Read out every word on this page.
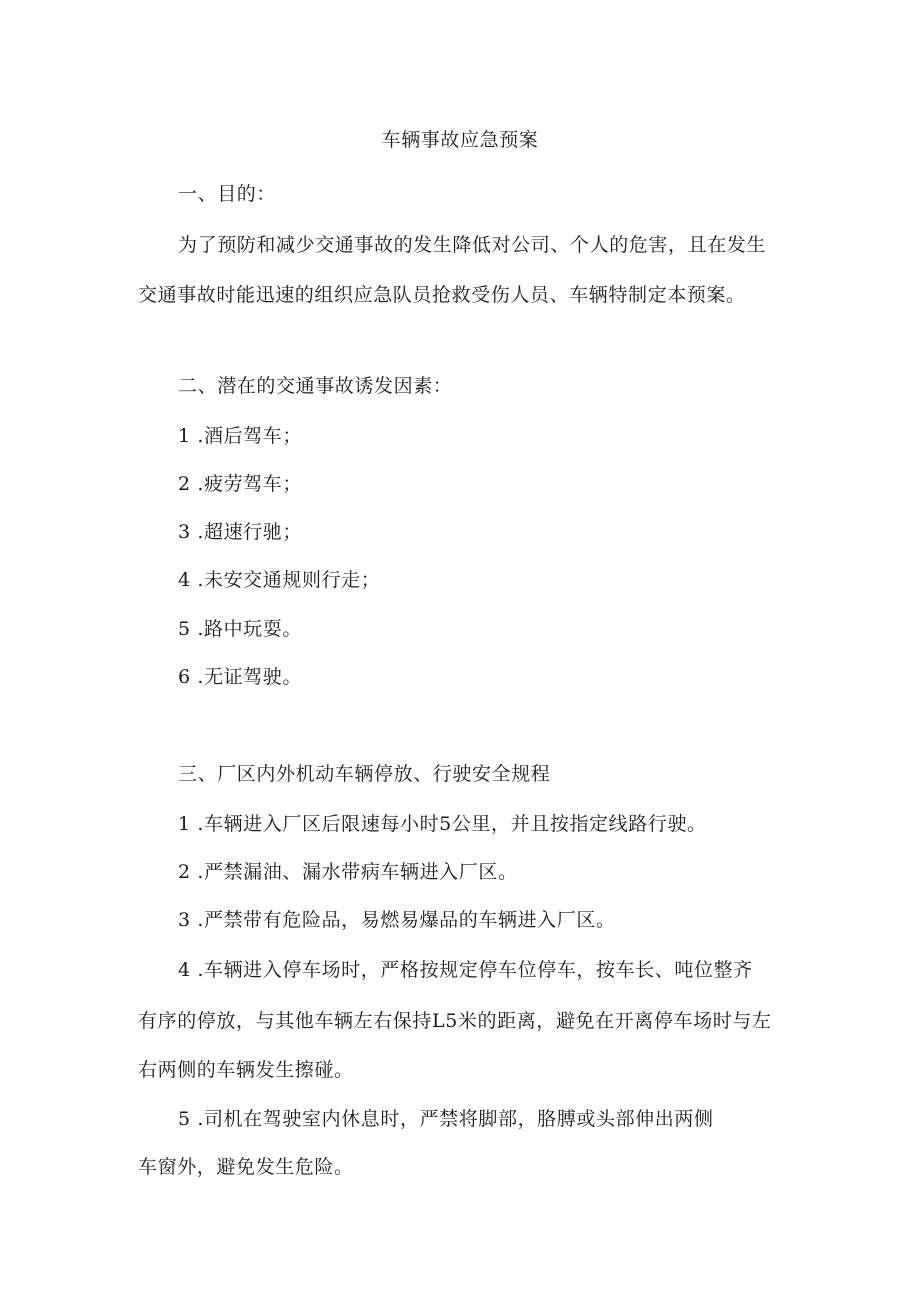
车辆事故应急预案
一、目的：
为了预防和减少交通事故的发生降低对公司、个人的危害，且在发生
交通事故时能迅速的组织应急队员抢救受伤人员、车辆特制定本预案。
二、潜在的交通事故诱发因素：
1 .酒后驾车；
2 .疲劳驾车；
3 .超速行驰；
4 .未安交通规则行走；
5 .路中玩耍。
6 .无证驾驶。
三、厂区内外机动车辆停放、行驶安全规程
1 .车辆进入厂区后限速每小时5公里，并且按指定线路行驶。
2 .严禁漏油、漏水带病车辆进入厂区。
3 .严禁带有危险品，易燃易爆品的车辆进入厂区。
4 .车辆进入停车场时，严格按规定停车位停车，按车长、吨位整齐
有序的停放，与其他车辆左右保持L5米的距离，避免在开离停车场时与左
右两侧的车辆发生擦碰。
5 .司机在驾驶室内休息时，严禁将脚部，胳膊或头部伸出两侧
车窗外，避免发生危险。
